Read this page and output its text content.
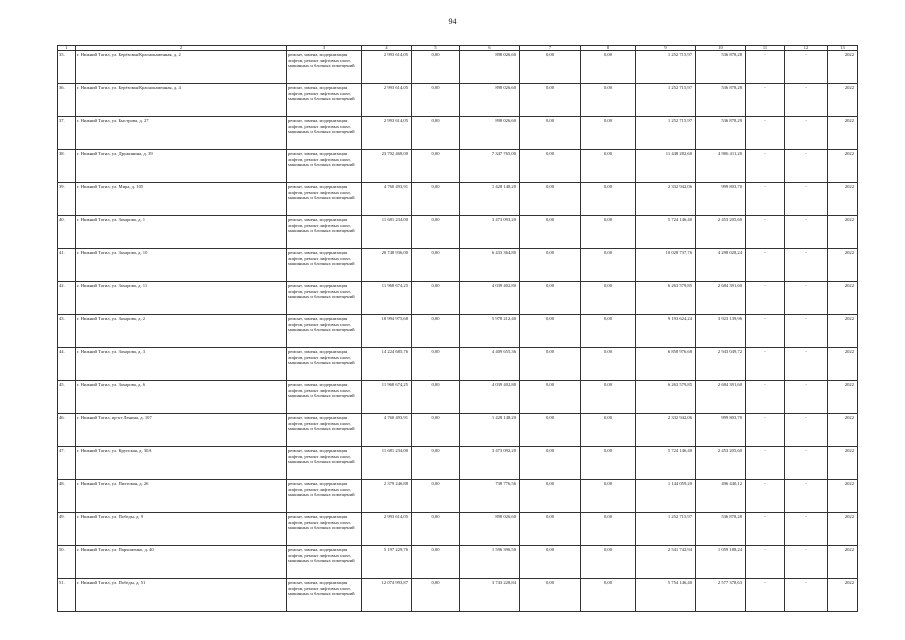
94
1	2	3	4	5	6	7	8	9	10	11	12	13
35.	г. Нижний Тагил, ул. Берёзовая/Краснокаменная, д. 2	ремонт, замена, модернизация лифтов, ремонт лифтовых шахт, машинных и блочных помещений	2 993 614,05	0,00	898 026,60	0,00	0,00	1 252 715,97	536 878,28	-	-	2022
36.	г. Нижний Тагил, ул. Берёзовая/Краснокаменная, д. 4	ремонт, замена, модернизация лифтов, ремонт лифтовых шахт, машинных и блочных помещений	2 993 614,05	0,00	898 026,60	0,00	0,00	1 252 715,97	536 878,28	-	-	2022
37.	г. Нижний Тагил, ул. Быстрова, д. 27	ремонт, замена, модернизация лифтов, ремонт лифтовых шахт, машинных и блочных помещений	2 993 614,05	0,00	898 026,60	0,00	0,00	1 252 715,97	536 878,29	-	-	2022
38.	г. Нижний Тагил, ул. Дружинина, д. 39	ремонт, замена, модернизация лифтов, ремонт лифтовых шахт, машинных и блочных помещений	23 702 468,00	0,00	7 347 765,00	0,00	0,00	11 448 282,60	4 906 411,20	-	-	2022
39.	г. Нижний Тагил, ул. Мира, д. 105	ремонт, замена, модернизация лифтов, ремонт лифтовых шахт, машинных и блочных помещений	4 760 493,91	0,00	1 428 148,20	0,00	0,00	2 332 942,06	999 803,70	-	-	2022
40.	г. Нижний Тагил, ул. Захарова, д. 1	ремонт, замена, модернизация лифтов, ремонт лифтовых шахт, машинных и блочных помещений	11 681 234,00	0,00	3 473 093,20	0,00	0,00	5 724 146,40	2 453 205,60	-	-	2022
41.	г. Нижний Тагил, ул. Захарова, д. 10	ремонт, замена, модернизация лифтов, ремонт лифтовых шахт, машинных и блочных помещений	20 748 936,00	0,00	6 433 364,80	0,00	0,00	10 028 737,76	4 298 028,24	-	-	2022
42.	г. Нижний Тагил, ул. Захарова, д. 11	ремонт, замена, модернизация лифтов, ремонт лифтовых шахт, машинных и блочных помещений	11 968 674,25	0,00	4 039 402,80	0,00	0,00	6 263 579,85	2 684 391,60	-	-	2022
43.	г. Нижний Тагил, ул. Захарова, д. 2	ремонт, замена, модернизация лифтов, ремонт лифтовых шахт, машинных и блочных помещений	18 994 975,68	0,00	5 978 212,40	0,00	0,00	9 193 624,24	3 923 139,96	-	-	2022
44.	г. Нижний Тагил, ул. Захарова, д. 3	ремонт, замена, модернизация лифтов, ремонт лифтовых шахт, машинных и блочных помещений	14 224 685,76	0,00	4 409 655,36	0,00	0,00	6 858 976,68	2 943 049,72	-	-	2022
45.	г. Нижний Тагил, ул. Захарова, д. 6	ремонт, замена, модернизация лифтов, ремонт лифтовых шахт, машинных и блочных помещений	11 968 674,25	0,00	4 039 402,80	0,00	0,00	6 263 579,85	2 684 391,60	-	-	2022
46.	г. Нижний Тагил, пр-кт Ленина, д. 107	ремонт, замена, модернизация лифтов, ремонт лифтовых шахт, машинных и блочных помещений	4 760 493,91	0,00	1 428 148,20	0,00	0,00	2 332 942,06	999 803,70	-	-	2022
47.	г. Нижний Тагил, ул. Крупская, д. 30А	ремонт, замена, модернизация лифтов, ремонт лифтовых шахт, машинных и блочных помещений	11 681 234,00	0,00	3 473 092,20	0,00	0,00	5 724 146,40	2 453 205,60	-	-	2022
48.	г. Нижний Тагил, ул. Пихтовая, д. 26	ремонт, замена, модернизация лифтов, ремонт лифтовых шахт, машинных и блочных помещений	2 379 246,88	0,00	738 776,56	0,00	0,00	1 144 059,20	496 440,12	-	-	2022
49.	г. Нижний Тагил, ул. Победы, д. 9	ремонт, замена, модернизация лифтов, ремонт лифтовых шахт, машинных и блочных помещений	2 993 614,05	0,00	898 026,60	0,00	0,00	1 252 715,97	536 878,28	-	-	2022
50.	г. Нижний Тагил, ул. Пархоменко, д. 40	ремонт, замена, модернизация лифтов, ремонт лифтовых шахт, машинных и блочных помещений	5 197 229,76	0,00	1 596 396,50	0,00	0,00	2 541 742,94	1 059 188,24	-	-	2022
51.	г. Нижний Тагил, ул. Победы, д. 51	ремонт, замена, модернизация лифтов, ремонт лифтовых шахт, машинных и блочных помещений	12 074 993,87	0,00	3 743 228,84	0,00	0,00	5 754 146,40	2 577 378,63	-	-	2022
